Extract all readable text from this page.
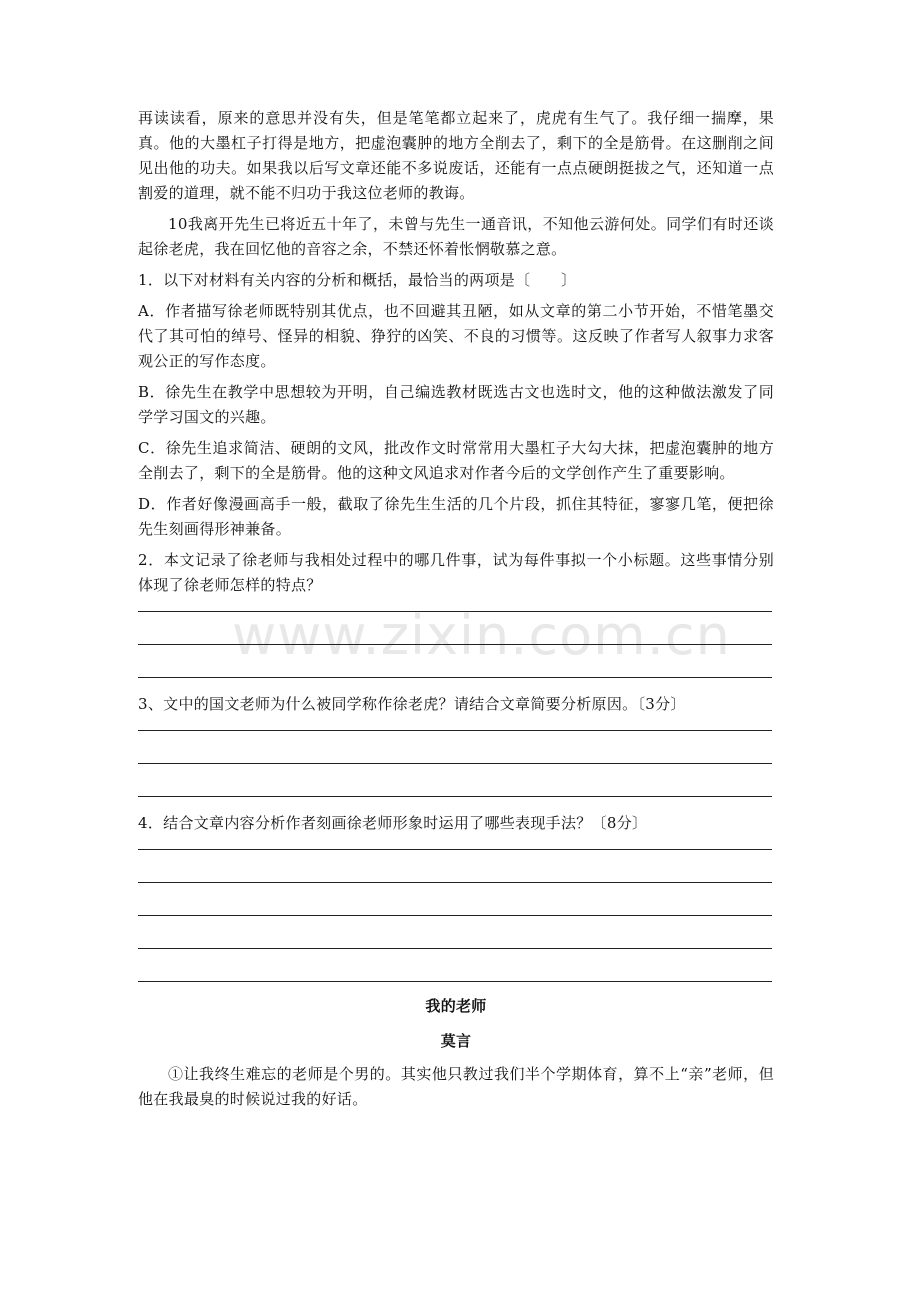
www.zixin.com.cn

再读读看，原来的意思并没有失，但是笔笔都立起来了，虎虎有生气了。我仔细一揣摩，果真。他的大墨杠子打得是地方，把虚泡囊肿的地方全削去了，剩下的全是筋骨。在这删削之间见出他的功夫。如果我以后写文章还能不多说废话，还能有一点点硬朗挺拔之气，还知道一点割爱的道理，就不能不归功于我这位老师的教诲。

10我离开先生已将近五十年了，未曾与先生一通音讯，不知他云游何处。同学们有时还谈起徐老虎，我在回忆他的音容之余，不禁还怀着怅惘敬慕之意。

1．以下对材料有关内容的分析和概括，最恰当的两项是〔　　〕

A．作者描写徐老师既特别其优点，也不回避其丑陋，如从文章的第二小节开始，不惜笔墨交代了其可怕的绰号、怪异的相貌、狰狞的凶笑、不良的习惯等。这反映了作者写人叙事力求客观公正的写作态度。

B．徐先生在教学中思想较为开明，自己编选教材既选古文也选时文，他的这种做法激发了同学学习国文的兴趣。

C．徐先生追求简洁、硬朗的文风，批改作文时常常用大墨杠子大勾大抹，把虚泡囊肿的地方全削去了，剩下的全是筋骨。他的这种文风追求对作者今后的文学创作产生了重要影响。

D．作者好像漫画高手一般，截取了徐先生生活的几个片段，抓住其特征，寥寥几笔，便把徐先生刻画得形神兼备。

2．本文记录了徐老师与我相处过程中的哪几件事，试为每件事拟一个小标题。这些事情分别体现了徐老师怎样的特点？

3、文中的国文老师为什么被同学称作徐老虎？请结合文章简要分析原因。〔3分〕

4．结合文章内容分析作者刻画徐老师形象时运用了哪些表现手法？〔8分〕

我的老师

莫言

①让我终生难忘的老师是个男的。其实他只教过我们半个学期体育，算不上“亲”老师，但他在我最臭的时候说过我的好话。
